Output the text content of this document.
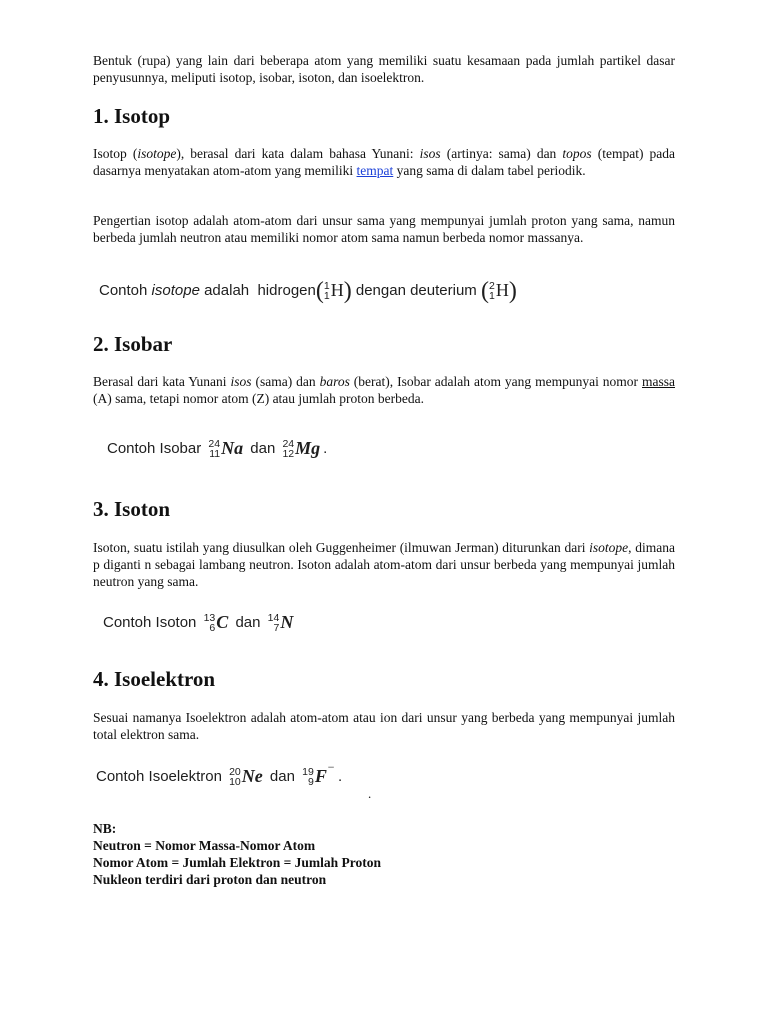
Bentuk (rupa) yang lain dari beberapa atom yang memiliki suatu kesamaan pada jumlah partikel dasar penyusunnya, meliputi isotop, isobar, isoton, dan isoelektron.

1. Isotop

Isotop (isotope), berasal dari kata dalam bahasa Yunani: isos (artinya: sama) dan topos (tempat) pada dasarnya menyatakan atom-atom yang memiliki tempat yang sama di dalam tabel periodik.

Pengertian isotop adalah atom-atom dari unsur sama yang mempunyai jumlah proton yang sama, namun berbeda jumlah neutron atau memiliki nomor atom sama namun berbeda nomor massanya.

Contoh isotope adalah  hidrogen ( 1
1 H ) dengan deuterium ( 2
1 H )
2. Isobar

Berasal dari kata Yunani isos (sama) dan baros (berat), Isobar adalah atom yang mempunyai nomor massa (A) sama, tetapi nomor atom (Z) atau jumlah proton berbeda.

Contoh Isobar 24
11 Na dan 24
12 Mg .
3. Isoton

Isoton, suatu istilah yang diusulkan oleh Guggenheimer (ilmuwan Jerman) diturunkan dari isotope, dimana p diganti n sebagai lambang neutron. Isoton adalah atom-atom dari unsur berbeda yang mempunyai jumlah neutron yang sama.

Contoh Isoton 13
6 C dan 14
7 N
4. Isoelektron

Sesuai namanya Isoelektron adalah atom-atom atau ion dari unsur yang berbeda yang mempunyai jumlah total elektron sama.

Contoh Isoelektron 20
10 Ne dan 19
9 F −
.
.

NB:

Neutron = Nomor Massa-Nomor Atom

Nomor Atom = Jumlah Elektron = Jumlah Proton

Nukleon terdiri dari proton dan neutron
